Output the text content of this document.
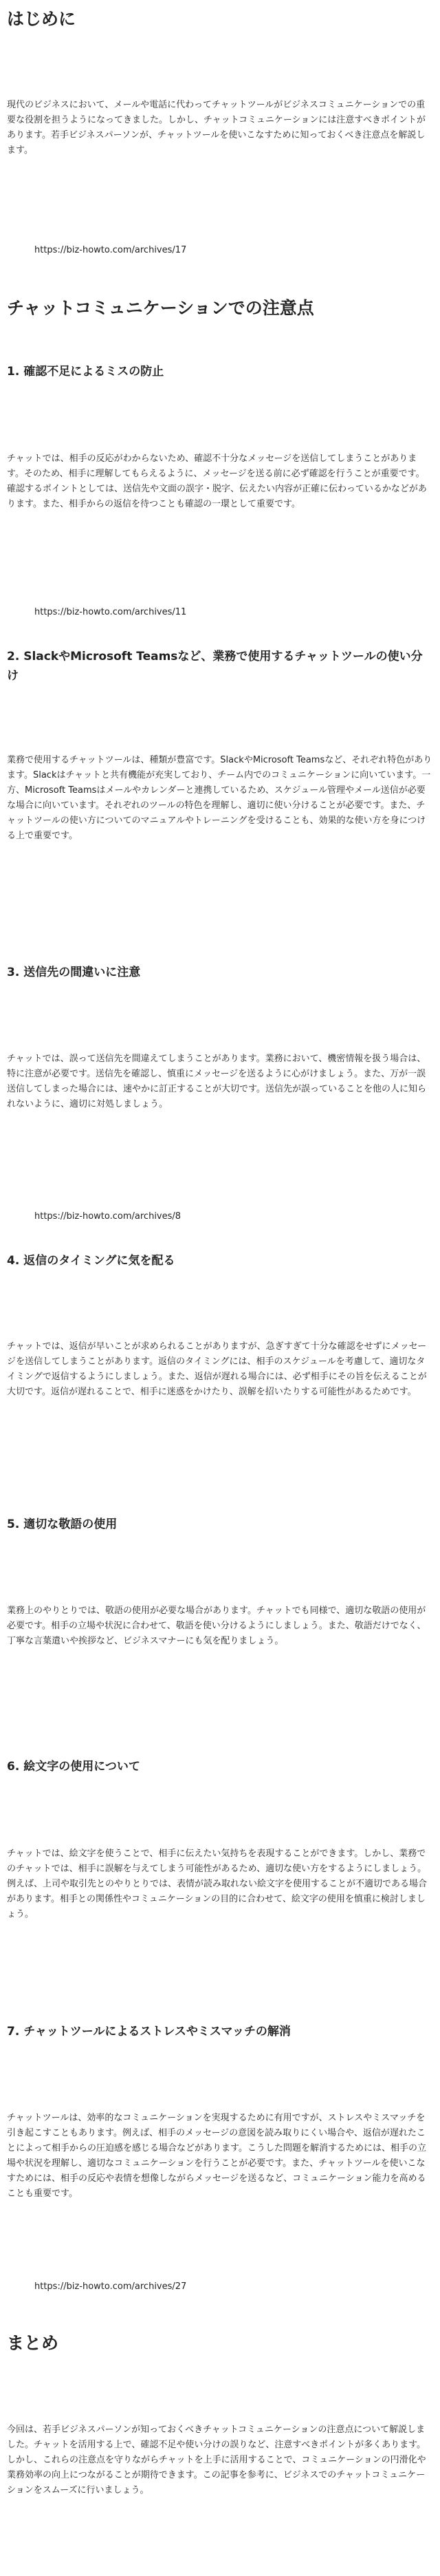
はじめに

現代のビジネスにおいて、メールや電話に代わってチャットツールがビジネスコミュニケーションでの重要な役割を担うようになってきました。しかし、チャットコミュニケーションには注意すべきポイントがあります。若手ビジネスパーソンが、チャットツールを使いこなすために知っておくべき注意点を解説します。

https://biz-howto.com/archives/17
チャットコミュニケーションでの注意点
1. 確認不足によるミスの防止

チャットでは、相手の反応がわからないため、確認不十分なメッセージを送信してしまうことがあります。そのため、相手に理解してもらえるように、メッセージを送る前に必ず確認を行うことが重要です。確認するポイントとしては、送信先や文面の誤字・脱字、伝えたい内容が正確に伝わっているかなどがあります。また、相手からの返信を待つことも確認の一環として重要です。

https://biz-howto.com/archives/11
2. SlackやMicrosoft Teamsなど、業務で使用するチャットツールの使い分け

業務で使用するチャットツールは、種類が豊富です。SlackやMicrosoft Teamsなど、それぞれ特色があります。Slackはチャットと共有機能が充実しており、チーム内でのコミュニケーションに向いています。一方、Microsoft Teamsはメールやカレンダーと連携しているため、スケジュール管理やメール送信が必要な場合に向いています。それぞれのツールの特色を理解し、適切に使い分けることが必要です。また、チャットツールの使い方についてのマニュアルやトレーニングを受けることも、効果的な使い方を身につける上で重要です。

3. 送信先の間違いに注意

チャットでは、誤って送信先を間違えてしまうことがあります。業務において、機密情報を扱う場合は、特に注意が必要です。送信先を確認し、慎重にメッセージを送るように心がけましょう。また、万が一誤送信してしまった場合には、速やかに訂正することが大切です。送信先が誤っていることを他の人に知られないように、適切に対処しましょう。

https://biz-howto.com/archives/8
4. 返信のタイミングに気を配る

チャットでは、返信が早いことが求められることがありますが、急ぎすぎて十分な確認をせずにメッセージを送信してしまうことがあります。返信のタイミングには、相手のスケジュールを考慮して、適切なタイミングで返信するようにしましょう。また、返信が遅れる場合には、必ず相手にその旨を伝えることが大切です。返信が遅れることで、相手に迷惑をかけたり、誤解を招いたりする可能性があるためです。

5. 適切な敬語の使用

業務上のやりとりでは、敬語の使用が必要な場合があります。チャットでも同様で、適切な敬語の使用が必要です。相手の立場や状況に合わせて、敬語を使い分けるようにしましょう。また、敬語だけでなく、丁寧な言葉遣いや挨拶など、ビジネスマナーにも気を配りましょう。

6. 絵文字の使用について

チャットでは、絵文字を使うことで、相手に伝えたい気持ちを表現することができます。しかし、業務でのチャットでは、相手に誤解を与えてしまう可能性があるため、適切な使い方をするようにしましょう。例えば、上司や取引先とのやりとりでは、表情が読み取れない絵文字を使用することが不適切である場合があります。相手との関係性やコミュニケーションの目的に合わせて、絵文字の使用を慎重に検討しましょう。

7. チャットツールによるストレスやミスマッチの解消

チャットツールは、効率的なコミュニケーションを実現するために有用ですが、ストレスやミスマッチを引き起こすこともあります。例えば、相手のメッセージの意図を読み取りにくい場合や、返信が遅れたことによって相手からの圧迫感を感じる場合などがあります。こうした問題を解消するためには、相手の立場や状況を理解し、適切なコミュニケーションを行うことが必要です。また、チャットツールを使いこなすためには、相手の反応や表情を想像しながらメッセージを送るなど、コミュニケーション能力を高めることも重要です。

https://biz-howto.com/archives/27
まとめ

今回は、若手ビジネスパーソンが知っておくべきチャットコミュニケーションの注意点について解説しました。チャットを活用する上で、確認不足や使い分けの誤りなど、注意すべきポイントが多くあります。しかし、これらの注意点を守りながらチャットを上手に活用することで、コミュニケーションの円滑化や業務効率の向上につながることが期待できます。この記事を参考に、ビジネスでのチャットコミュニケーションをスムーズに行いましょう。
